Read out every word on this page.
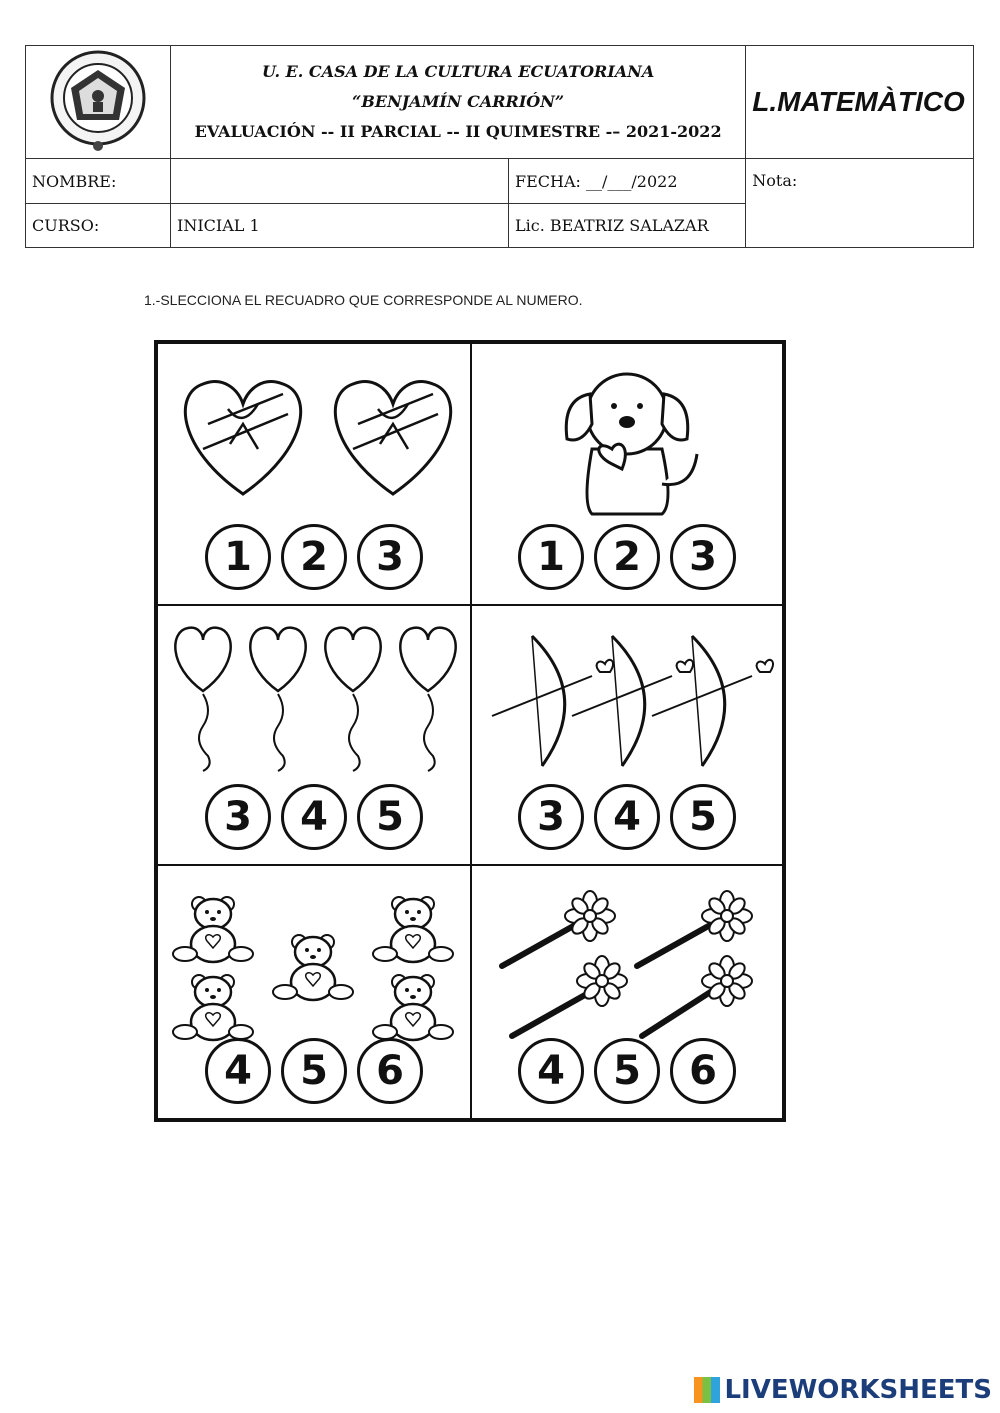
U. E. CASA DE LA CULTURA ECUATORIANA
“BENJAMÍN CARRIÓN”
EVALUACIÓN -- II PARCIAL -- II QUIMESTRE -– 2021-2022		L.MATEMÀTICO
NOMBRE:		FECHA: __/___/2022	Nota:
CURSO:	INICIAL 1	Lic. BEATRIZ SALAZAR	
1.-SLECCIONA EL RECUADRO QUE CORRESPONDE AL NUMERO.
1	2	3	1	2	3
3	4	5	3	4	5
4	5	6	4	5	6
LIVEWORKSHEETS
